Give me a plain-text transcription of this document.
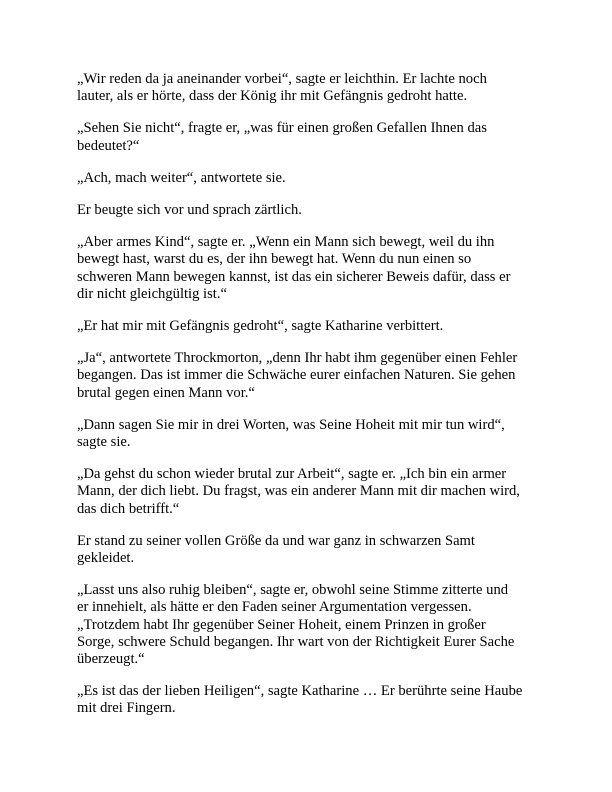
„Wir reden da ja aneinander vorbei“, sagte er leichthin. Er lachte noch
lauter, als er hörte, dass der König ihr mit Gefängnis gedroht hatte.

„Sehen Sie nicht“, fragte er, „was für einen großen Gefallen Ihnen das
bedeutet?“

„Ach, mach weiter“, antwortete sie.

Er beugte sich vor und sprach zärtlich.

„Aber armes Kind“, sagte er. „Wenn ein Mann sich bewegt, weil du ihn
bewegt hast, warst du es, der ihn bewegt hat. Wenn du nun einen so
schweren Mann bewegen kannst, ist das ein sicherer Beweis dafür, dass er
dir nicht gleichgültig ist.“

„Er hat mir mit Gefängnis gedroht“, sagte Katharine verbittert.

„Ja“, antwortete Throckmorton, „denn Ihr habt ihm gegenüber einen Fehler
begangen. Das ist immer die Schwäche eurer einfachen Naturen. Sie gehen
brutal gegen einen Mann vor.“

„Dann sagen Sie mir in drei Worten, was Seine Hoheit mit mir tun wird“,
sagte sie.

„Da gehst du schon wieder brutal zur Arbeit“, sagte er. „Ich bin ein armer
Mann, der dich liebt. Du fragst, was ein anderer Mann mit dir machen wird,
das dich betrifft.“

Er stand zu seiner vollen Größe da und war ganz in schwarzen Samt
gekleidet.

„Lasst uns also ruhig bleiben“, sagte er, obwohl seine Stimme zitterte und
er innehielt, als hätte er den Faden seiner Argumentation vergessen.
„Trotzdem habt Ihr gegenüber Seiner Hoheit, einem Prinzen in großer
Sorge, schwere Schuld begangen. Ihr wart von der Richtigkeit Eurer Sache
überzeugt.“

„Es ist das der lieben Heiligen“, sagte Katharine … Er berührte seine Haube
mit drei Fingern.
